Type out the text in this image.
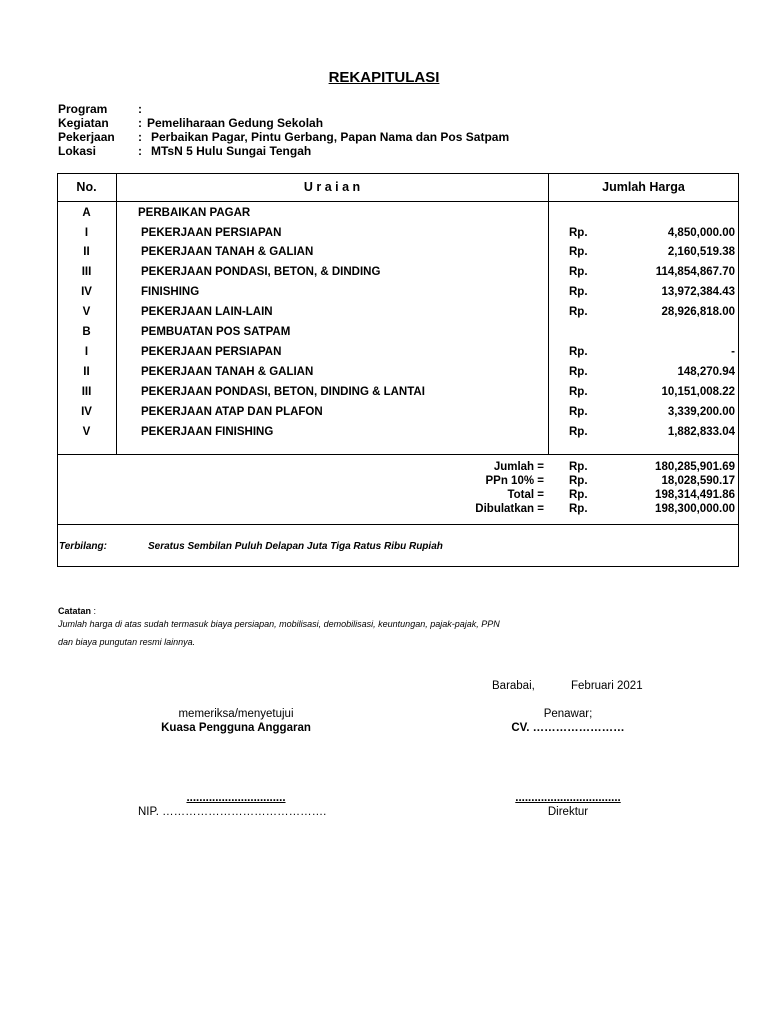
REKAPITULASI
Program	:
Kegiatan : Pemeliharaan Gedung Sekolah
Pekerjaan : Perbaikan Pagar, Pintu Gerbang, Papan Nama dan Pos Satpam
Lokasi	: MTsN 5 Hulu Sungai Tengah
No.	U r a i a n	Jumlah Harga
A	PERBAIKAN PAGAR
I	PEKERJAAN PERSIAPAN	Rp.	4,850,000.00
II	PEKERJAAN TANAH & GALIAN	Rp.	2,160,519.38
III	PEKERJAAN PONDASI, BETON, & DINDING	Rp.	114,854,867.70
IV	FINISHING	Rp.	13,972,384.43
V	PEKERJAAN LAIN-LAIN	Rp.	28,926,818.00
B	PEMBUATAN POS SATPAM
I	PEKERJAAN PERSIAPAN	Rp.	-
II	PEKERJAAN TANAH & GALIAN	Rp.	148,270.94
III	PEKERJAAN PONDASI, BETON, DINDING & LANTAI	Rp.	10,151,008.22
IV	PEKERJAAN ATAP DAN PLAFON	Rp.	3,339,200.00
V	PEKERJAAN FINISHING	Rp.	1,882,833.04
Jumlah = Rp.	180,285,901.69
PPn 10% = Rp.	18,028,590.17
Total = Rp.	198,314,491.86
Dibulatkan = Rp.	198,300,000.00
Terbilang:	Seratus Sembilan Puluh Delapan Juta Tiga Ratus Ribu Rupiah
Catatan :
Jumlah harga di atas sudah termasuk biaya persiapan, mobilisasi, demobilisasi, keuntungan, pajak-pajak, PPN
dan biaya pungutan resmi lainnya.
Barabai,	Februari 2021
memeriksa/menyetujui
Kuasa Pengguna Anggaran
...............................
NIP. …………………………………….
Penawar;
CV. ……………………
.................................
Direktur
